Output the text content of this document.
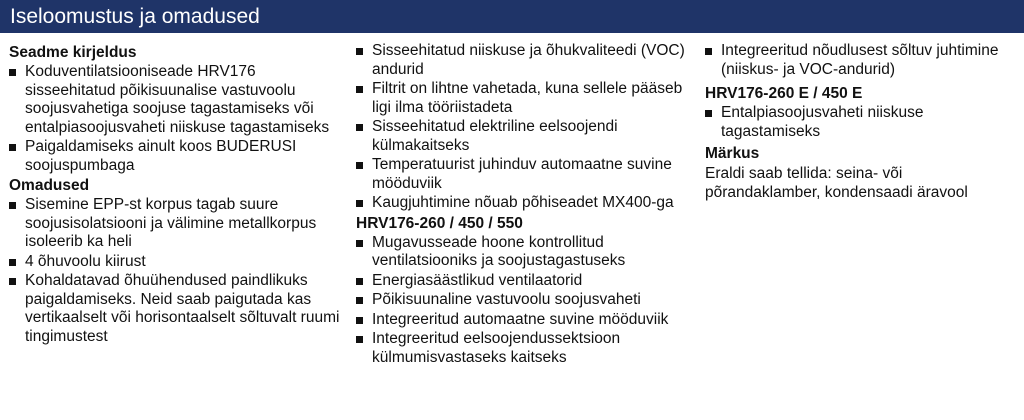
Iseloomustus ja omadused
Seadme kirjeldus
Koduventilatsiooniseade HRV176 sisseehitatud põikisuunalise vastuvoolu soojusvahetiga soojuse tagastamiseks või entalpiasoojusvaheti niiskuse tagastamiseks
Paigaldamiseks ainult koos BUDERUSI soojuspumbaga
Omadused
Sisemine EPP-st korpus tagab suure soojusisolatsiooni ja välimine metallkorpus isoleerib ka heli
4 õhuvoolu kiirust
Kohaldatavad õhuühendused paindlikuks paigaldamiseks. Neid saab paigutada kas vertikaalselt või horisontaalselt sõltuvalt ruumi tingimustest
Sisseehitatud niiskuse ja õhukvaliteedi (VOC) andurid
Filtrit on lihtne vahetada, kuna sellele pääseb ligi ilma tööriistadeta
Sisseehitatud elektriline eelsoojendi külmakaitseks
Temperatuurist juhinduv automaatne suvine mööduviik
Kaugjuhtimine nõuab põhiseadet MX400-ga
HRV176-260 / 450 / 550
Mugavusseade hoone kontrollitud ventilatsiooniks ja soojustagastuseks
Energiasäästlikud ventilaatorid
Põikisuunaline vastuvoolu soojusvaheti
Integreeritud automaatne suvine mööduviik
Integreeritud eelsoojendussektsioon külmumisvastaseks kaitseks
Integreeritud nõudlusest sõltuv juhtimine (niiskus- ja VOC-andurid)
HRV176-260 E / 450 E
Entalpiasoojusvaheti niiskuse tagastamiseks
Märkus

Eraldi saab tellida: seina- või põrandaklamber, kondensaadi äravool
